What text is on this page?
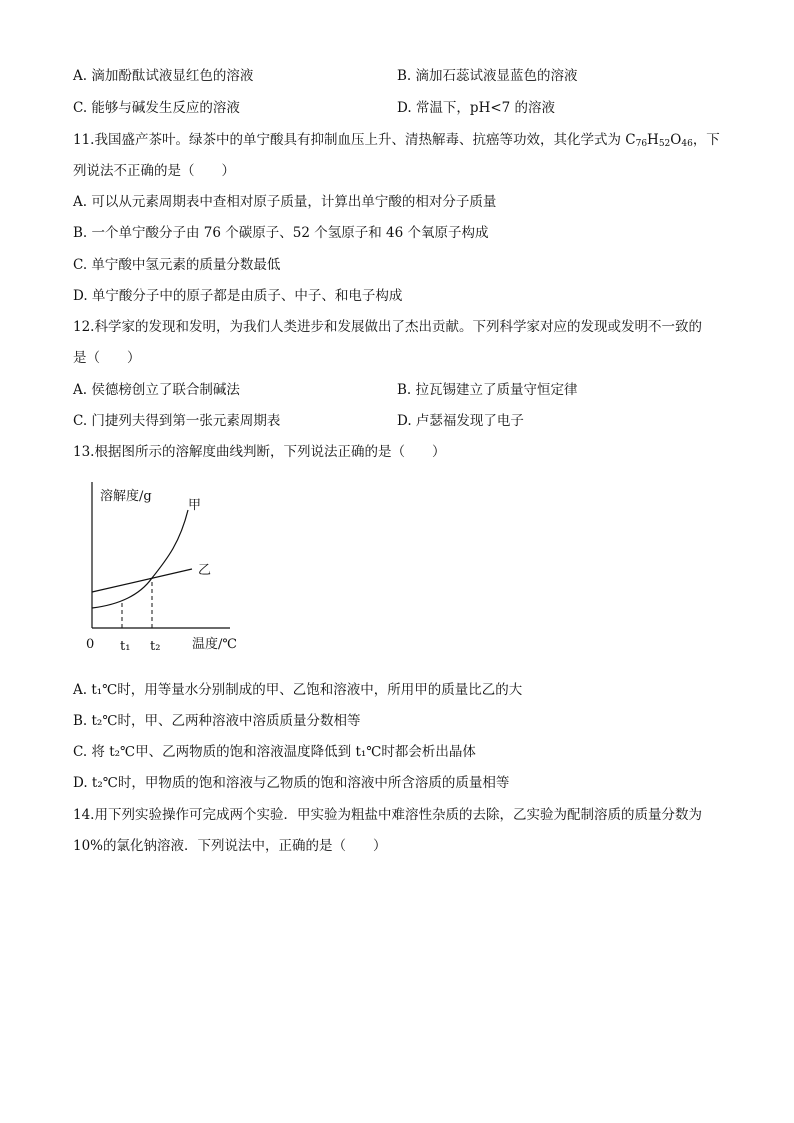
A. 滴加酚酞试液显红色的溶液	B. 滴加石蕊试液显蓝色的溶液
C. 能够与碱发生反应的溶液	D. 常温下，pH<7 的溶液
11.我国盛产茶叶。绿茶中的单宁酸具有抑制血压上升、清热解毒、抗癌等功效，其化学式为 $C_{76}H_{52}O_{46}$，下
列说法不正确的是（　　）
A. 可以从元素周期表中查相对原子质量，计算出单宁酸的相对分子质量
B. 一个单宁酸分子由 76 个碳原子、52 个氢原子和 46 个氧原子构成
C. 单宁酸中氢元素的质量分数最低
D. 单宁酸分子中的原子都是由质子、中子、和电子构成
12.科学家的发现和发明，为我们人类进步和发展做出了杰出贡献。下列科学家对应的发现或发明不一致的
是（　　）
A. 侯德榜创立了联合制碱法	B. 拉瓦锡建立了质量守恒定律
C. 门捷列夫得到第一张元素周期表	D. 卢瑟福发现了电子
13.根据图所示的溶解度曲线判断，下列说法正确的是（　　）
溶解度/g
温度/℃
0 t₁ t₂
甲
乙
A. t₁℃时，用等量水分别制成的甲、乙饱和溶液中，所用甲的质量比乙的大
B. t₂℃时，甲、乙两种溶液中溶质质量分数相等
C. 将 t₂℃甲、乙两物质的饱和溶液温度降低到 t₁℃时都会析出晶体
D. t₂℃时，甲物质的饱和溶液与乙物质的饱和溶液中所含溶质的质量相等
14.用下列实验操作可完成两个实验．甲实验为粗盐中难溶性杂质的去除，乙实验为配制溶质的质量分数为
10%的氯化钠溶液．下列说法中，正确的是（　　）
